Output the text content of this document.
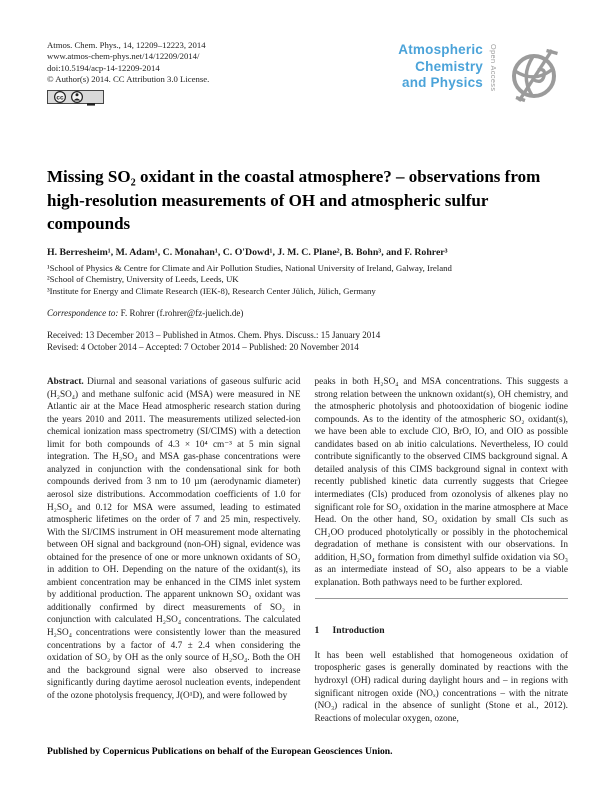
Atmos. Chem. Phys., 14, 12209–12223, 2014
www.atmos-chem-phys.net/14/12209/2014/
doi:10.5194/acp-14-12209-2014
© Author(s) 2014. CC Attribution 3.0 License.
cc
Atmospheric
Chemistry
and Physics Open Access
Missing SO₂ oxidant in the coastal atmosphere? – observations from high-resolution measurements of OH and atmospheric sulfur compounds
H. Berresheim¹, M. Adam¹, C. Monahan¹, C. O'Dowd¹, J. M. C. Plane², B. Bohn³, and F. Rohrer³
¹School of Physics & Centre for Climate and Air Pollution Studies, National University of Ireland, Galway, Ireland
²School of Chemistry, University of Leeds, Leeds, UK
³Institute for Energy and Climate Research (IEK-8), Research Center Jülich, Jülich, Germany
Correspondence to: F. Rohrer (f.rohrer@fz-juelich.de)
Received: 13 December 2013 – Published in Atmos. Chem. Phys. Discuss.: 15 January 2014
Revised: 4 October 2014 – Accepted: 7 October 2014 – Published: 20 November 2014
Abstract. Diurnal and seasonal variations of gaseous sulfuric acid (H₂SO₄) and methane sulfonic acid (MSA) were measured in NE Atlantic air at the Mace Head atmospheric research station during the years 2010 and 2011. The measurements utilized selected-ion chemical ionization mass spectrometry (SI/CIMS) with a detection limit for both compounds of 4.3 × 10⁴ cm⁻³ at 5 min signal integration. The H₂SO₄ and MSA gas-phase concentrations were analyzed in conjunction with the condensational sink for both compounds derived from 3 nm to 10 µm (aerodynamic diameter) aerosol size distributions. Accommodation coefficients of 1.0 for H₂SO₄ and 0.12 for MSA were assumed, leading to estimated atmospheric lifetimes on the order of 7 and 25 min, respectively. With the SI/CIMS instrument in OH measurement mode alternating between OH signal and background (non-OH) signal, evidence was obtained for the presence of one or more unknown oxidants of SO₂ in addition to OH. Depending on the nature of the oxidant(s), its ambient concentration may be enhanced in the CIMS inlet system by additional production. The apparent unknown SO₂ oxidant was additionally confirmed by direct measurements of SO₂ in conjunction with calculated H₂SO₄ concentrations. The calculated H₂SO₄ concentrations were consistently lower than the measured concentrations by a factor of 4.7 ± 2.4 when considering the oxidation of SO₂ by OH as the only source of H₂SO₄. Both the OH and the background signal were also observed to increase significantly during daytime aerosol nucleation events, independent of the ozone photolysis frequency, J(O¹D), and were followed by
peaks in both H₂SO₄ and MSA concentrations. This suggests a strong relation between the unknown oxidant(s), OH chemistry, and the atmospheric photolysis and photooxidation of biogenic iodine compounds. As to the identity of the atmospheric SO₂ oxidant(s), we have been able to exclude ClO, BrO, IO, and OIO as possible candidates based on ab initio calculations. Nevertheless, IO could contribute significantly to the observed CIMS background signal. A detailed analysis of this CIMS background signal in context with recently published kinetic data currently suggests that Criegee intermediates (CIs) produced from ozonolysis of alkenes play no significant role for SO₂ oxidation in the marine atmosphere at Mace Head. On the other hand, SO₂ oxidation by small CIs such as CH₂OO produced photolytically or possibly in the photochemical degradation of methane is consistent with our observations. In addition, H₂SO₄ formation from dimethyl sulfide oxidation via SO₃ as an intermediate instead of SO₂ also appears to be a viable explanation. Both pathways need to be further explored.
1	Introduction
It has been well established that homogeneous oxidation of tropospheric gases is generally dominated by reactions with the hydroxyl (OH) radical during daylight hours and – in regions with significant nitrogen oxide (NOₓ) concentrations – with the nitrate (NO₃) radical in the absence of sunlight (Stone et al., 2012). Reactions of molecular oxygen, ozone,
Published by Copernicus Publications on behalf of the European Geosciences Union.
